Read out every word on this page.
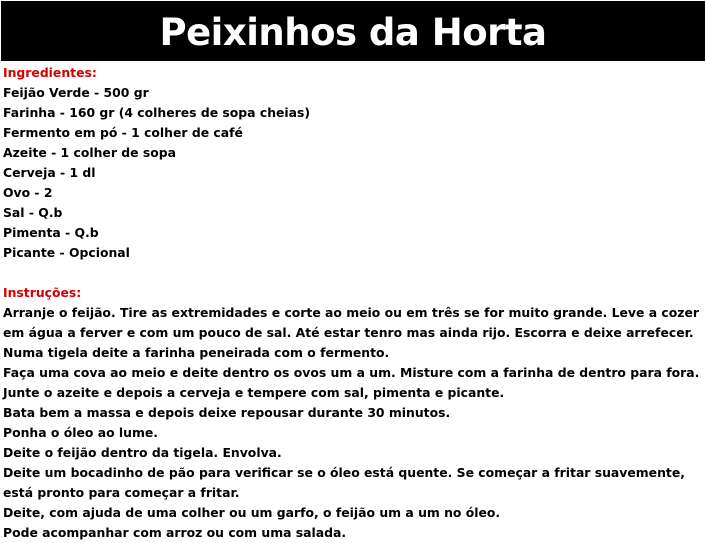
Peixinhos da Horta
Ingredientes:
Feijão Verde - 500 gr
Farinha - 160 gr (4 colheres de sopa cheias)
Fermento em pó - 1 colher de café
Azeite - 1 colher de sopa
Cerveja - 1 dl
Ovo - 2
Sal - Q.b
Pimenta - Q.b
Picante - Opcional
Instruções:
Arranje o feijão. Tire as extremidades e corte ao meio ou em três se for muito grande. Leve a cozer em água a ferver e com um pouco de sal. Até estar tenro mas ainda rijo. Escorra e deixe arrefecer.
Numa tigela deite a farinha peneirada com o fermento.
Faça uma cova ao meio e deite dentro os ovos um a um. Misture com a farinha de dentro para fora.
Junte o azeite e depois a cerveja e tempere com sal, pimenta e picante.
Bata bem a massa e depois deixe repousar durante 30 minutos.
Ponha o óleo ao lume.
Deite o feijão dentro da tigela. Envolva.
Deite um bocadinho de pão para verificar se o óleo está quente. Se começar a fritar suavemente, está pronto para começar a fritar.
Deite, com ajuda de uma colher ou um garfo, o feijão um a um no óleo.
Pode acompanhar com arroz ou com uma salada.
